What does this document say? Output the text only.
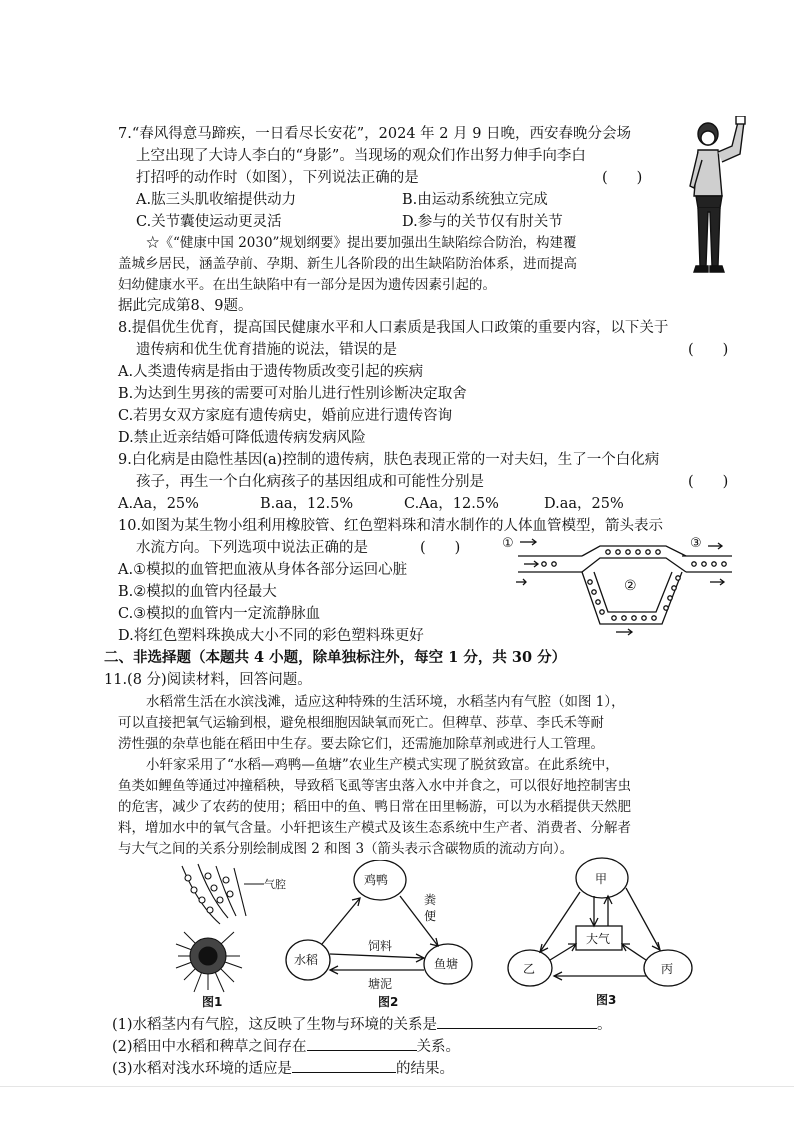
7.“春风得意马蹄疾，一日看尽长安花”，2024 年 2 月 9 日晚，西安春晚分会场
上空出现了大诗人李白的“身影”。当现场的观众们作出努力伸手向李白
打招呼的动作时（如图），下列说法正确的是	(　　)
A.肱三头肌收缩提供动力	B.由运动系统独立完成
C.关节囊使运动更灵活	D.参与的关节仅有肘关节
☆《“健康中国 2030”规划纲要》提出要加强出生缺陷综合防治，构建覆
盖城乡居民，涵盖孕前、孕期、新生儿各阶段的出生缺陷防治体系，进而提高
妇幼健康水平。在出生缺陷中有一部分是因为遗传因素引起的。
据此完成第8、9题。
8.提倡优生优育，提高国民健康水平和人口素质是我国人口政策的重要内容，以下关于
遗传病和优生优育措施的说法，错误的是	(　　)
A.人类遗传病是指由于遗传物质改变引起的疾病
B.为达到生男孩的需要可对胎儿进行性别诊断决定取舍
C.若男女双方家庭有遗传病史，婚前应进行遗传咨询
D.禁止近亲结婚可降低遗传病发病风险
9.白化病是由隐性基因(a)控制的遗传病，肤色表现正常的一对夫妇，生了一个白化病
孩子，再生一个白化病孩子的基因组成和可能性分别是	(　　)
A.Aa，25%	B.aa，12.5%	C.Aa，12.5%	D.aa，25%
10.如图为某生物小组利用橡胶管、红色塑料珠和清水制作的人体血管模型，箭头表示
水流方向。下列选项中说法正确的是	(　　)
A.①模拟的血管把血液从身体各部分运回心脏
B.②模拟的血管内径最大
C.③模拟的血管内一定流静脉血
D.将红色塑料珠换成大小不同的彩色塑料珠更好
①
②
③
二、非选择题（本题共 4 小题，除单独标注外，每空 1 分，共 30 分）
11.(8 分)阅读材料，回答问题。
水稻常生活在水滨浅滩，适应这种特殊的生活环境，水稻茎内有气腔（如图 1），
可以直接把氧气运输到根，避免根细胞因缺氧而死亡。但稗草、莎草、李氏禾等耐
涝性强的杂草也能在稻田中生存。要去除它们，还需施加除草剂或进行人工管理。
小轩家采用了“水稻—鸡鸭—鱼塘”农业生产模式实现了脱贫致富。在此系统中，
鱼类如鲤鱼等通过冲撞稻秧，导致稻飞虱等害虫落入水中并食之，可以很好地控制害虫
的危害，减少了农药的使用；稻田中的鱼、鸭日常在田里畅游，可以为水稻提供天然肥
料，增加水中的氧气含量。小轩把该生产模式及该生态系统中生产者、消费者、分解者
与大气之间的关系分别绘制成图 2 和图 3（箭头表示含碳物质的流动方向）。
气腔
图1
鸡鸭
水稻	鱼塘
饲料
塘泥
粪
便
图2
甲
大气
乙	丙
图3
(1)水稻茎内有气腔，这反映了生物与环境的关系是	。
(2)稻田中水稻和稗草之间存在	关系。
(3)水稻对浅水环境的适应是	的结果。
